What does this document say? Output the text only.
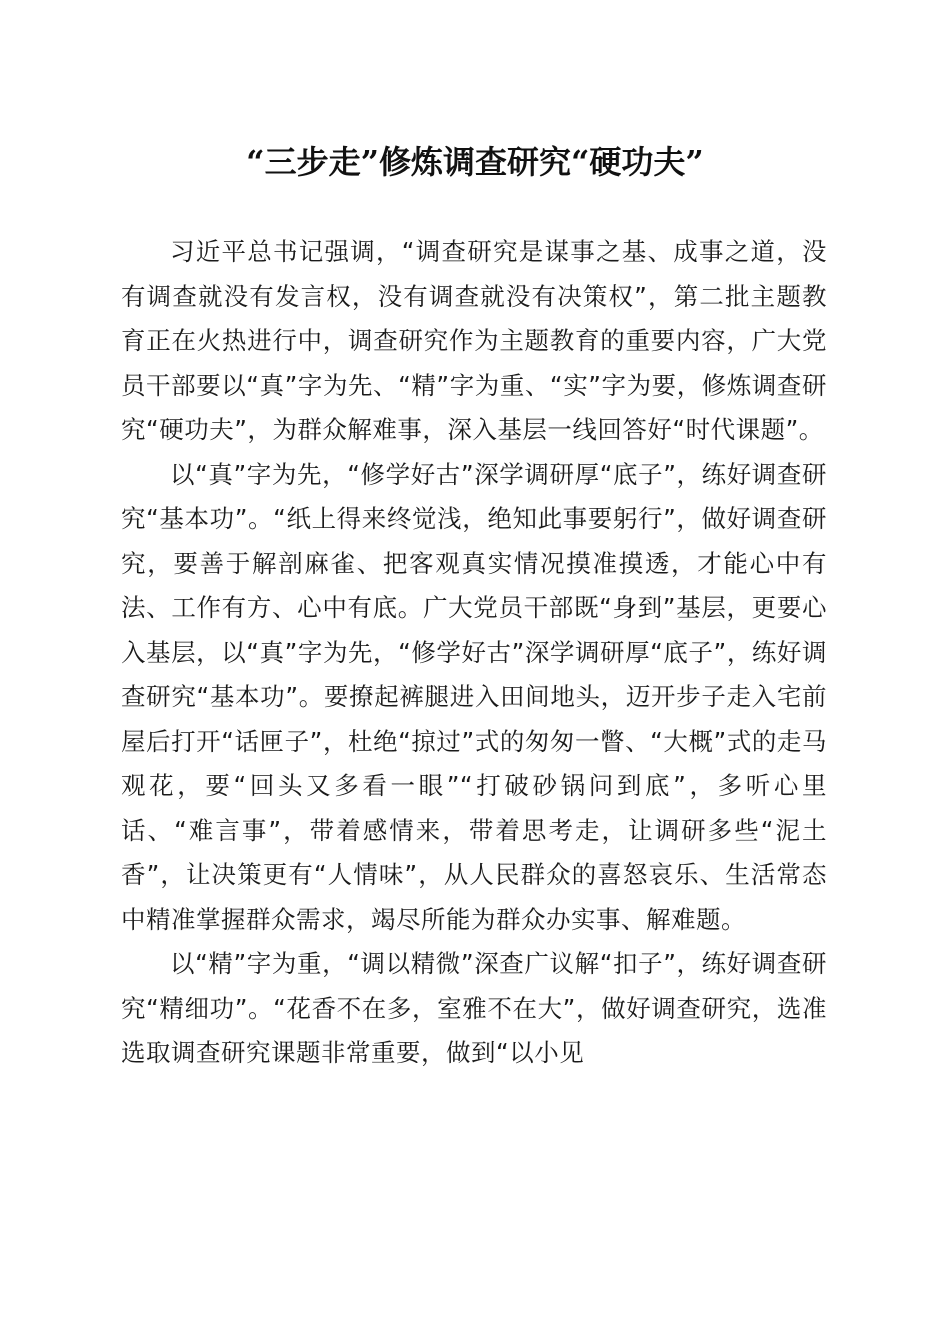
“三步走”修炼调查研究“硬功夫”

习近平总书记强调，“调查研究是谋事之基、成事之道，没有调查就没有发言权，没有调查就没有决策权”，第二批主题教育正在火热进行中，调查研究作为主题教育的重要内容，广大党员干部要以“真”字为先、“精”字为重、“实”字为要，修炼调查研究“硬功夫”，为群众解难事，深入基层一线回答好“时代课题”。

以“真”字为先，“修学好古”深学调研厚“底子”，练好调查研究“基本功”。“纸上得来终觉浅，绝知此事要躬行”，做好调查研究，要善于解剖麻雀、把客观真实情况摸准摸透，才能心中有法、工作有方、心中有底。广大党员干部既“身到”基层，更要心入基层，以“真”字为先，“修学好古”深学调研厚“底子”，练好调查研究“基本功”。要撩起裤腿进入田间地头，迈开步子走入宅前屋后打开“话匣子”，杜绝“掠过”式的匆匆一瞥、“大概”式的走马观花，要“回头又多看一眼”“打破砂锅问到底”，多听心里话、“难言事”，带着感情来，带着思考走，让调研多些“泥土香”，让决策更有“人情味”，从人民群众的喜怒哀乐、生活常态中精准掌握群众需求，竭尽所能为群众办实事、解难题。

以“精”字为重，“调以精微”深查广议解“扣子”，练好调查研究“精细功”。“花香不在多，室雅不在大”，做好调查研究，选准选取调查研究课题非常重要，做到“以小见
